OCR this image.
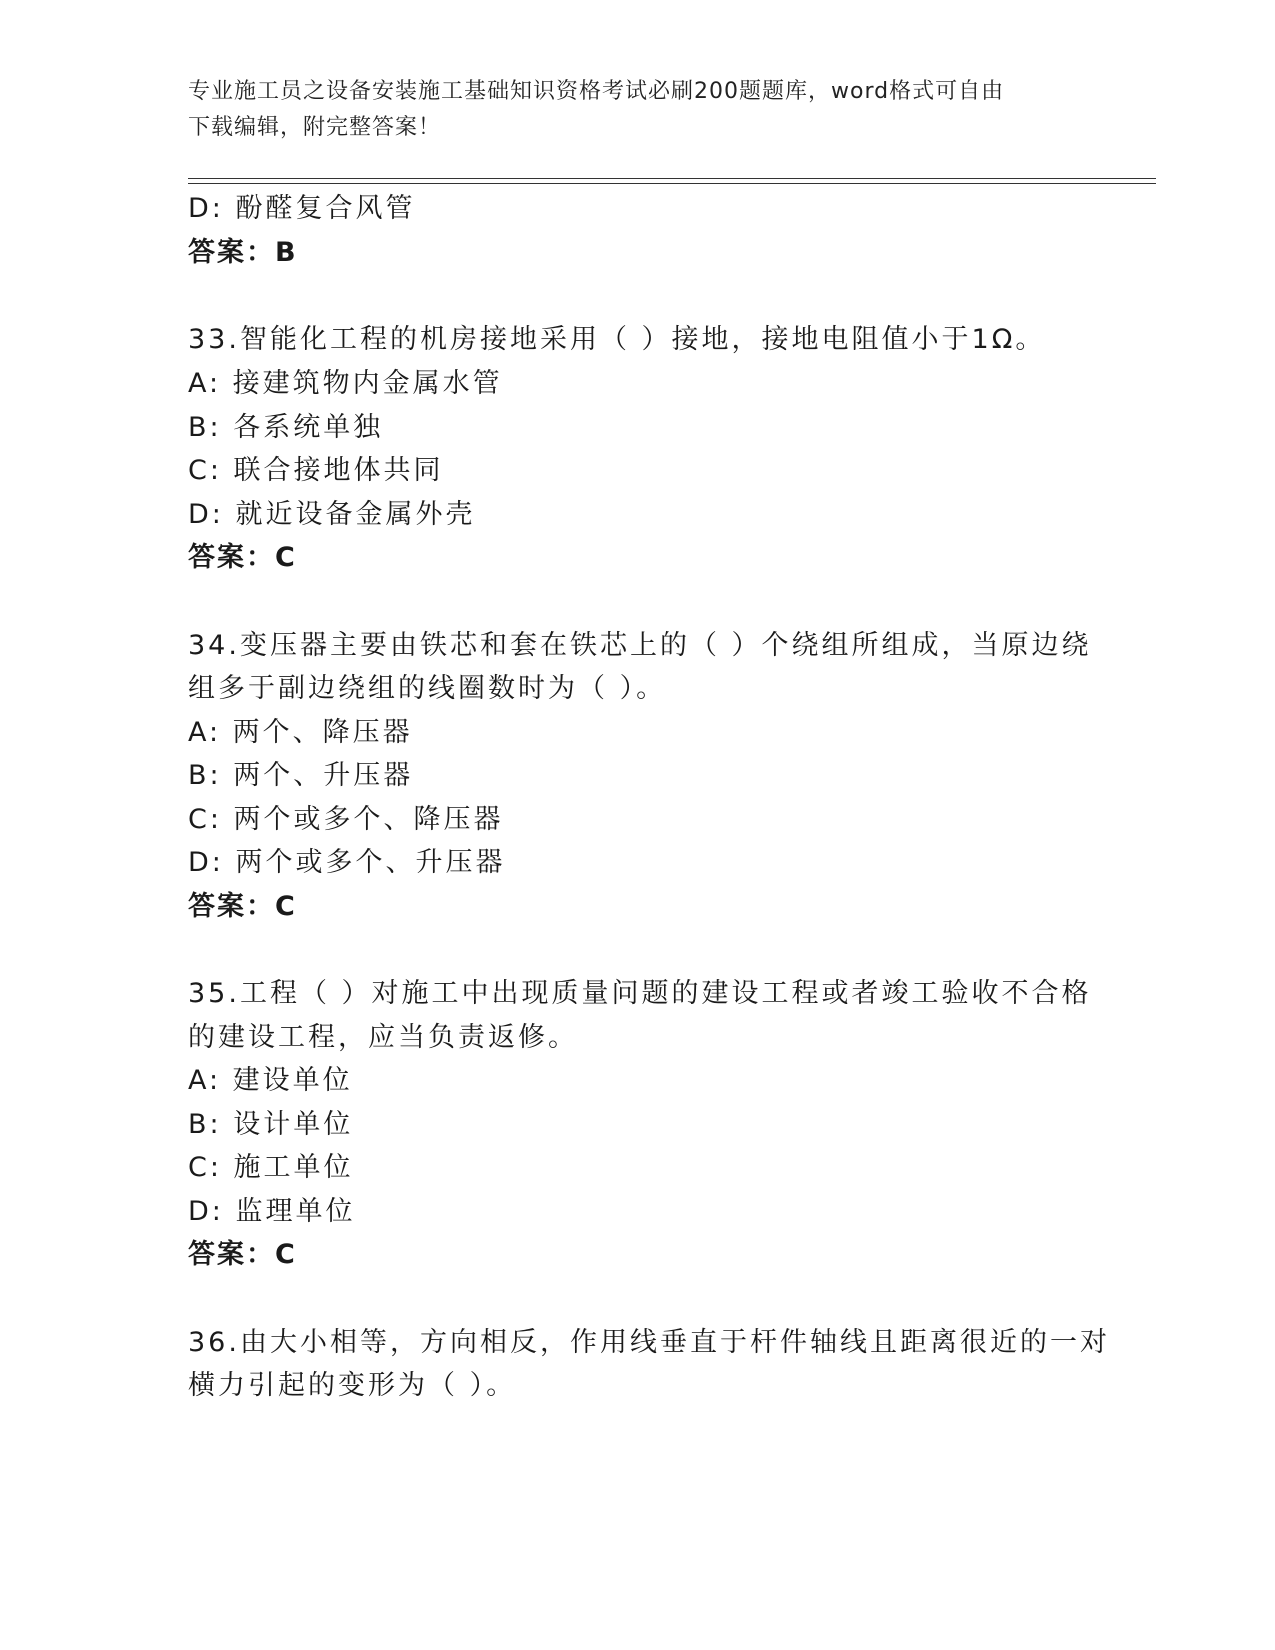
专业施工员之设备安装施工基础知识资格考试必刷200题题库，word格式可自由
下载编辑，附完整答案！
D: 酚醛复合风管
答案：B
33.智能化工程的机房接地采用（ ）接地，接地电阻值小于1Ω。
A: 接建筑物内金属水管
B: 各系统单独
C: 联合接地体共同
D: 就近设备金属外壳
答案：C
34.变压器主要由铁芯和套在铁芯上的（ ）个绕组所组成，当原边绕
组多于副边绕组的线圈数时为（ ）。
A: 两个、降压器
B: 两个、升压器
C: 两个或多个、降压器
D: 两个或多个、升压器
答案：C
35.工程（ ）对施工中出现质量问题的建设工程或者竣工验收不合格
的建设工程，应当负责返修。
A: 建设单位
B: 设计单位
C: 施工单位
D: 监理单位
答案：C
36.由大小相等，方向相反，作用线垂直于杆件轴线且距离很近的一对
横力引起的变形为（ ）。
